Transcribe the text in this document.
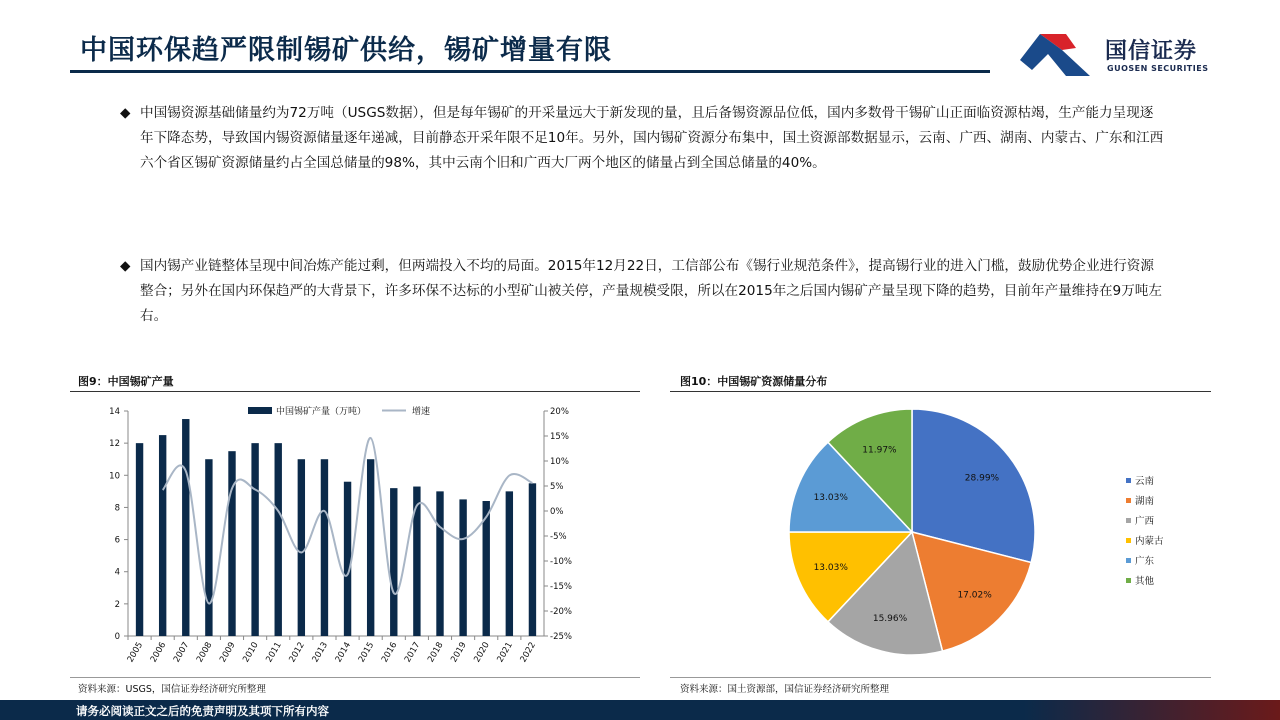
中国环保趋严限制锡矿供给，锡矿增量有限	国信证券
GUOSEN SECURITIES
◆ 中国锡资源基础储量约为72万吨（USGS数据），但是每年锡矿的开采量远大于新发现的量，且后备锡资源品位低，国内多数骨干锡矿山正面临资源枯竭，生产能力呈现逐年下降态势，导致国内锡资源储量逐年递减，目前静态开采年限不足10年。另外，国内锡矿资源分布集中，国土资源部数据显示，云南、广西、湖南、内蒙古、广东和江西六个省区锡矿资源储量约占全国总储量的98%，其中云南个旧和广西大厂两个地区的储量占到全国总储量的40%。
◆ 国内锡产业链整体呈现中间冶炼产能过剩，但两端投入不均的局面。2015年12月22日，工信部公布《锡行业规范条件》，提高锡行业的进入门槛，鼓励优势企业进行资源整合；另外在国内环保趋严的大背景下，许多环保不达标的小型矿山被关停，产量规模受限，所以在2015年之后国内锡矿产量呈现下降的趋势，目前年产量维持在9万吨左右。
图9：中国锡矿产量
0
2
4
6
8
10
12
14	20%
15%
10%
5%
0%
-5%
-10%
-15%
-20%
-25%
2005 2006 2007 2008 2009 2010 2011 2012 2013 2014 2015 2016 2017 2018 2019 2020 2021 2022
中国锡矿产量（万吨）	增速
资料来源：USGS，国信证券经济研究所整理
图10：中国锡矿资源储量分布
28.99%
17.02%
15.96%
13.03%
13.03%
11.97%
云南
湖南
广西
内蒙古
广东
其他
资料来源：国土资源部，国信证券经济研究所整理
请务必阅读正文之后的免责声明及其项下所有内容
